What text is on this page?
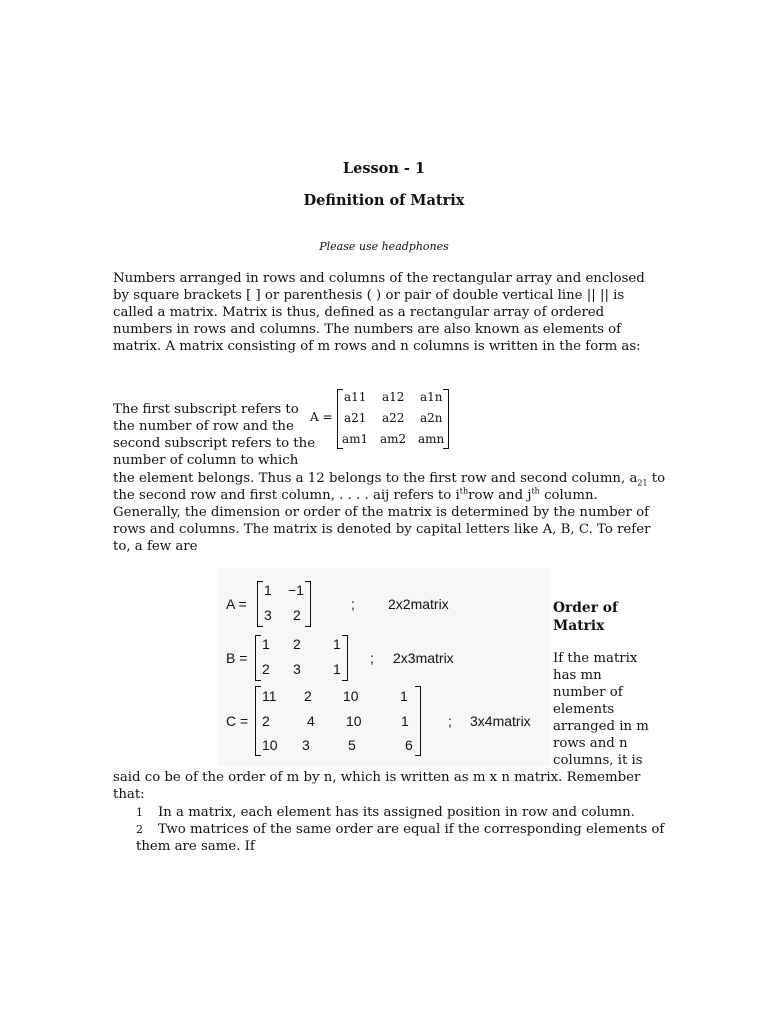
Lesson - 1
Definition of Matrix
Please use headphones

Numbers arranged in rows and columns of the rectangular array and enclosed by square brackets [ ] or parenthesis ( ) or pair of double vertical line || || is called a matrix. Matrix is thus, defined as a rectangular array of ordered numbers in rows and columns. The numbers are also known as elements of matrix. A matrix consisting of m rows and n columns is written in the form as:

The first subscript refers to
the number of row and the
second subscript refers to the
number of column to which
A =
a11 a12 a1n
a21 a22 a2n
am1 am2 amn
the element belongs. Thus a 12 belongs to the first row and second column, $a_{21}$ to
the second row and first column, . . . . aij refers to $i^{th}row$ and $j^{th}$ column.
Generally, the dimension or order of the matrix is determined by the number of
rows and columns. The matrix is denoted by capital letters like A, B, C. To refer
to, a few are
A =
1 −1
3 2
; 2x2matrix
B =
1 2 1
2 3 1
; 2x3matrix
C =
11 2 10	1
2	4 10	1
10 3	5	6
; 3x4matrix
Order of
Matrix
If the matrix
has mn
number of
elements
arranged in m
rows and n
columns, it is
said co be of the order of m by n, which is written as m x n matrix. Remember
that:
1 In a matrix, each element has its assigned position in row and column.
2 Two matrices of the same order are equal if the corresponding elements of
them are same. If
